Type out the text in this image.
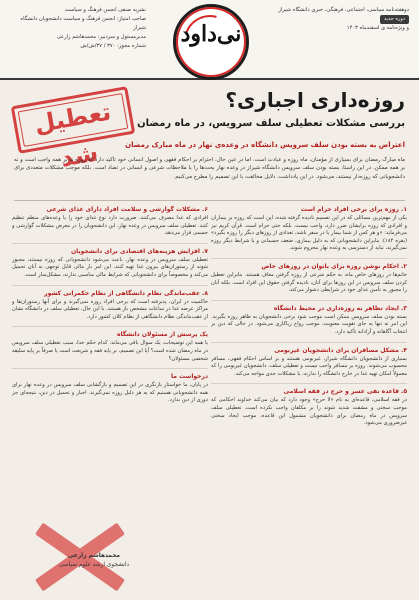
دوهفته‌نامه سیاسی، اجتماعی، فرهنگی، خبری دانشگاه شیراز
دوره جدید
و ویژه‌نامه ی اسفندماه ۱۴۰۳
نی‌داود
نشریه صنفی انجمن فرهنگ و سیاست
صاحب امتیاز: انجمن فرهنگ و سیاست دانشجویان دانشگاه شیراز
مدیرمسئول و سردبیر: محمدهاشم زارعی
شماره مجوز: ۳۷۰ / ۳۷/ش/ش
تعطیل شد
روزه‌داری اجباری؟
بررسی مشکلات تعطیلی سلف سرویس، در ماه رمضان
اعتراض به بسته بودن سلف سرویس دانشگاه در وعده‌ی نهار در ماه مبارک رمضان
ماه مبارک رمضان برای بسیاری از مؤمنان، ماه روزه و عبادت است. اما در عین حال، احترام بر احکام فقهی و اصول انسانی خود تأکید دارد که روزه نه بر همه واجب است و نه بر همه ممکن. در این راستا، بسته بودن سلف سرویس دانشگاه شیراز در وعده نهار بحث‌ها را با ملاحظات شرعی و انسانی در تضاد است. بلکه موجب مشکلات متعددی برای دانشجویانی که روزه‌دار نیستند، می‌شود. در این یادداشت، دلایل مخالفت با این تصمیم را مطرح می‌کنیم.
۱. روزه برای برخی افراد حرام است

یکی از مهم‌ترین مسائلی که در این تصمیم نادیده گرفته شده، این است که روزه بر بیماران و افرادی که روزه برایشان ضرر دارد، واجب نیست. بلکه حتی حرام است. قرآن کریم نیز می‌فرماید: «و هر کس از شما بیمار یا در سفر باشد، تعدادی از روزهای دیگر را روزه بگیرد» (بقره ۱۸۴). بنابراین دانشجویانی که به دلیل بیماری، ضعف جسمانی و یا شرایط دیگر روزه نمی‌گیرند، نباید از دسترسی به وعده نهار محروم شوند.

۲. احکام نوشن روزه برای بانوان در روزهای خاص

خانم‌ها در روزهای خاص ماه، به حکم شرعی از روزه گرفتن معاف هستند. بنابراین تعطیل کردن سلف سرویس در این روزها برای آنان، نادیده گرفتن حقوق این افراد است. بلکه آنان را مجبور به تأمین غذای خود در شرایطی دشوار می‌کند.

۳. ایجاد تظاهر به روزه‌داری در محیط دانشگاه

بسته بودن سلف سرویس ممکن است موجب شود برخی دانشجویان به ظاهر روزه بگیرند. این امر نه تنها به جای تقویت معنویت، موجب رواج ریاکاری می‌شود. در حالی که دین بر انتخاب آگاهانه و آزادانه تأکید دارد.

۴. مشکل مسافران برای دانشجویان غیربومی

بسیاری از دانشجویان دانشگاه شیراز، غیربومی هستند و بر اساس احکام فقهی، مسافر محسوب می‌شوند. روزه بر مسافر واجب نیست و تعطیلی سلف، دانشجویان غیربومی را که معمولاً امکان تهیه غذا در خارج دانشگاه را ندارند، با مشکلات جدی مواجه می‌کند.

۵. قاعده نفی عسر و حرج در فقه اسلامی

در فقه اسلامی، قاعده‌ای به نام «لا حرج» وجود دارد که بیان می‌کند خداوند احکامی که موجب سختی و مشقت شدید شوند را بر مکلفان واجب نکرده است. تعطیلی سلف سرویس در ماه رمضان برای دانشجویان مشمول این قاعده، موجب ایجاد سختی غیرضروری می‌شود.

۶. مشکلات گوارشی و سلامت افراد دارای غذای شرعی

افرادی که غذا مصرف می‌کنند، ضرورت دارد نوع غذای خود را با وعده‌های منظم تنظیم کنند. تعطیلی سلف سرویس در وعده نهار، این دانشجویان را در معرض مشکلات گوارشی و جسمی قرار می‌دهد.

۷. افزایش هزینه‌های اقتصادی برای دانشجویان

تعطیلی سلف سرویس در وعده نهار، باعث می‌شود دانشجویانی که روزه نیستند، مجبور شوند از رستوران‌های بیرون غذا تهیه کنند. این امر بار مالی قابل توجهی به آنان تحمیل می‌کند و مخصوصاً برای دانشجویانی که شرایط مالی مناسبی ندارند، مشکل‌ساز است.

۸. عقب‌ماندگی نظام دانشگاهی از نظام حکمرانی کشور

حاکمیت در ایران، پذیرفته است که برخی افراد روزه نمی‌گیرند و برای آنها رستوران‌ها و مراکز عرضه غذا در ساعات مشخص باز هستند. با این حال، تعطیلی سلف در دانشگاه نشان از عقب‌ماندگی نظام دانشگاهی از نظام کلان کشور دارد.

یک پرسش از مسئولان دانشگاه

با همه این توضیحات، یک سوال باقی می‌ماند: کدام حکم خدا، سبب تعطیلی سلف سرویس در ماه رمضان شده است؟ آیا این تصمیم، بر پایه فقه و شریعت است یا صرفاً بر پایه سلیقه شخصی مسئولان؟

درخواست ما

در پایان، ما خواستار بازنگری در این تصمیم و بازگشایی سلف سرویس در وعده نهار برای همه دانشجویانی هستیم که به هر دلیل روزه نمی‌گیرند. اجبار و تحمیل در دین، نتیجه‌ای جز دوری از دین ندارد.

محمدهاشم زارعی
دانشجوی ارشد علوم سیاسی
